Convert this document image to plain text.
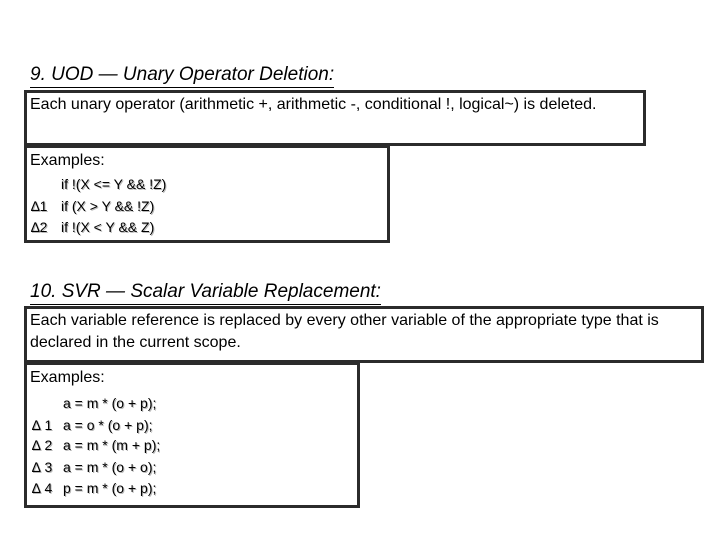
9. UOD — Unary Operator Deletion:
Each unary operator (arithmetic +, arithmetic -, conditional !, logical~) is deleted.
Examples:
if !(X <= Y && !Z)
∆1 if (X > Y && !Z)
∆2 if !(X < Y && Z)
10. SVR — Scalar Variable Replacement:
Each variable reference is replaced by every other variable of the appropriate type that is declared in the current scope.
Examples:
a = m * (o + p);
∆ 1 a = o * (o + p);
∆ 2 a = m * (m + p);
∆ 3 a = m * (o + o);
∆ 4 p = m * (o + p);
